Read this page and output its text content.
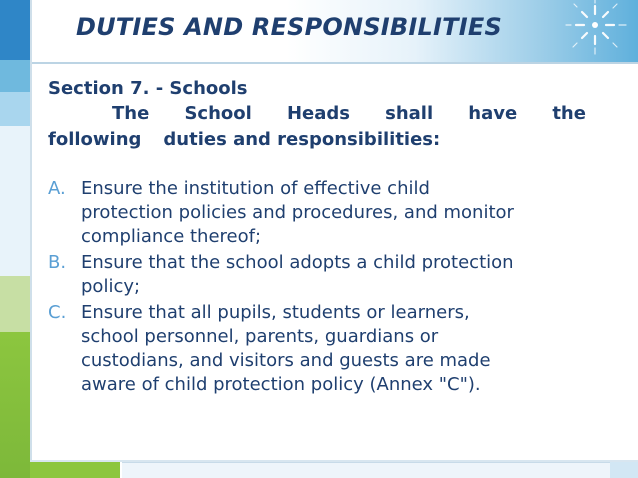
DUTIES AND RESPONSIBILITIES
Section 7. - Schools
The School Heads shall have the
following duties and responsibilities:
A. Ensure the institution of effective child
protection policies and procedures, and monitor
compliance thereof;
B. Ensure that the school adopts a child protection
policy;
C. Ensure that all pupils, students or learners,
school personnel, parents, guardians or
custodians, and visitors and guests are made
aware of child protection policy (Annex "C").
